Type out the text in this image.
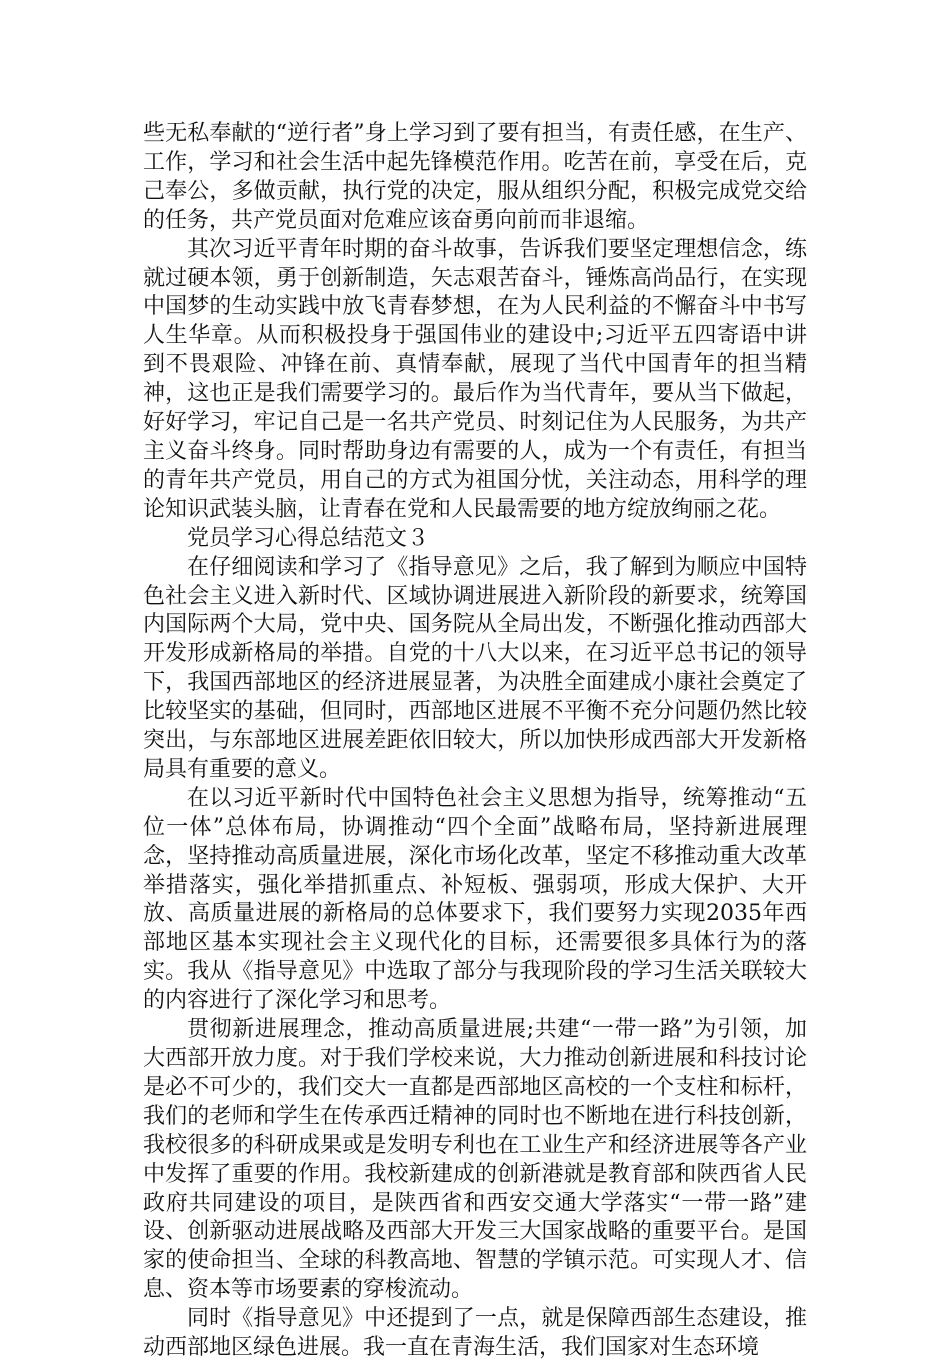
些无私奉献的“逆行者”身上学习到了要有担当，有责任感，在生产、工作，学习和社会生活中起先锋模范作用。吃苦在前，享受在后，克己奉公，多做贡献，执行党的决定，服从组织分配，积极完成党交给的任务，共产党员面对危难应该奋勇向前而非退缩。

其次习近平青年时期的奋斗故事，告诉我们要坚定理想信念，练就过硬本领，勇于创新制造，矢志艰苦奋斗，锤炼高尚品行，在实现中国梦的生动实践中放飞青春梦想，在为人民利益的不懈奋斗中书写人生华章。从而积极投身于强国伟业的建设中;习近平五四寄语中讲到不畏艰险、冲锋在前、真情奉献，展现了当代中国青年的担当精神，这也正是我们需要学习的。最后作为当代青年，要从当下做起，好好学习，牢记自己是一名共产党员、时刻记住为人民服务，为共产主义奋斗终身。同时帮助身边有需要的人，成为一个有责任，有担当的青年共产党员，用自己的方式为祖国分忧，关注动态，用科学的理论知识武装头脑，让青春在党和人民最需要的地方绽放绚丽之花。

党员学习心得总结范文３

在仔细阅读和学习了《指导意见》之后，我了解到为顺应中国特色社会主义进入新时代、区域协调进展进入新阶段的新要求，统筹国内国际两个大局，党中央、国务院从全局出发，不断强化推动西部大开发形成新格局的举措。自党的十八大以来，在习近平总书记的领导下，我国西部地区的经济进展显著，为决胜全面建成小康社会奠定了比较坚实的基础，但同时，西部地区进展不平衡不充分问题仍然比较突出，与东部地区进展差距依旧较大，所以加快形成西部大开发新格局具有重要的意义。

在以习近平新时代中国特色社会主义思想为指导，统筹推动“五位一体”总体布局，协调推动“四个全面”战略布局，坚持新进展理念，坚持推动高质量进展，深化市场化改革，坚定不移推动重大改革举措落实，强化举措抓重点、补短板、强弱项，形成大保护、大开放、高质量进展的新格局的总体要求下，我们要努力实现2035年西部地区基本实现社会主义现代化的目标，还需要很多具体行为的落实。我从《指导意见》中选取了部分与我现阶段的学习生活关联较大的内容进行了深化学习和思考。

贯彻新进展理念，推动高质量进展;共建“一带一路”为引领，加大西部开放力度。对于我们学校来说，大力推动创新进展和科技讨论是必不可少的，我们交大一直都是西部地区高校的一个支柱和标杆，我们的老师和学生在传承西迁精神的同时也不断地在进行科技创新，我校很多的科研成果或是发明专利也在工业生产和经济进展等各产业中发挥了重要的作用。我校新建成的创新港就是教育部和陕西省人民政府共同建设的项目，是陕西省和西安交通大学落实“一带一路”建设、创新驱动进展战略及西部大开发三大国家战略的重要平台。是国家的使命担当、全球的科教高地、智慧的学镇示范。可实现人才、信息、资本等市场要素的穿梭流动。

同时《指导意见》中还提到了一点，就是保障西部生态建设，推动西部地区绿色进展。我一直在青海生活，我们国家对生态环境
